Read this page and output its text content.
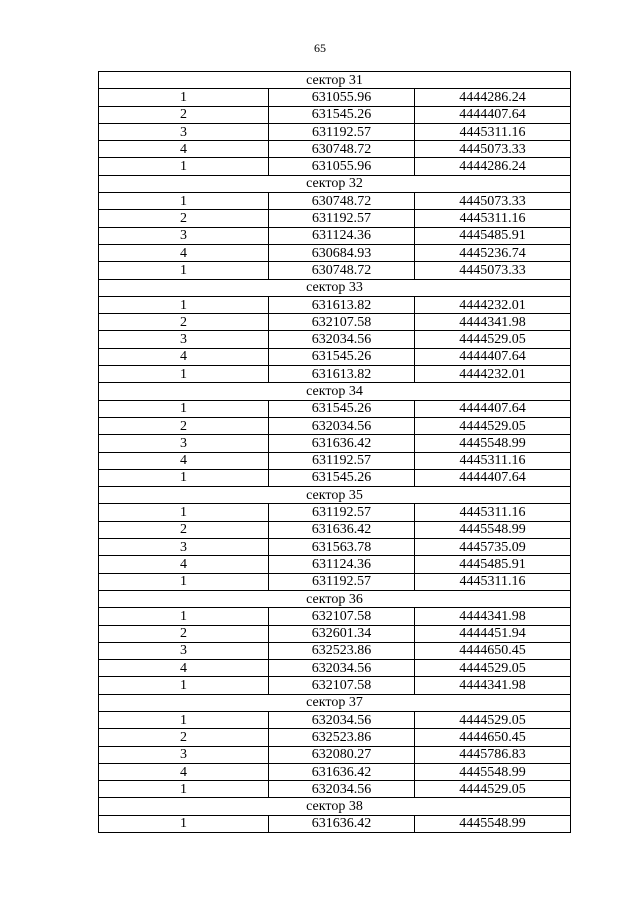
65
сектор 31		
1	631055.96	4444286.24
2	631545.26	4444407.64
3	631192.57	4445311.16
4	630748.72	4445073.33
1	631055.96	4444286.24
сектор 32		
1	630748.72	4445073.33
2	631192.57	4445311.16
3	631124.36	4445485.91
4	630684.93	4445236.74
1	630748.72	4445073.33
сектор 33		
1	631613.82	4444232.01
2	632107.58	4444341.98
3	632034.56	4444529.05
4	631545.26	4444407.64
1	631613.82	4444232.01
сектор 34		
1	631545.26	4444407.64
2	632034.56	4444529.05
3	631636.42	4445548.99
4	631192.57	4445311.16
1	631545.26	4444407.64
сектор 35		
1	631192.57	4445311.16
2	631636.42	4445548.99
3	631563.78	4445735.09
4	631124.36	4445485.91
1	631192.57	4445311.16
сектор 36		
1	632107.58	4444341.98
2	632601.34	4444451.94
3	632523.86	4444650.45
4	632034.56	4444529.05
1	632107.58	4444341.98
сектор 37		
1	632034.56	4444529.05
2	632523.86	4444650.45
3	632080.27	4445786.83
4	631636.42	4445548.99
1	632034.56	4444529.05
сектор 38		
1	631636.42	4445548.99
